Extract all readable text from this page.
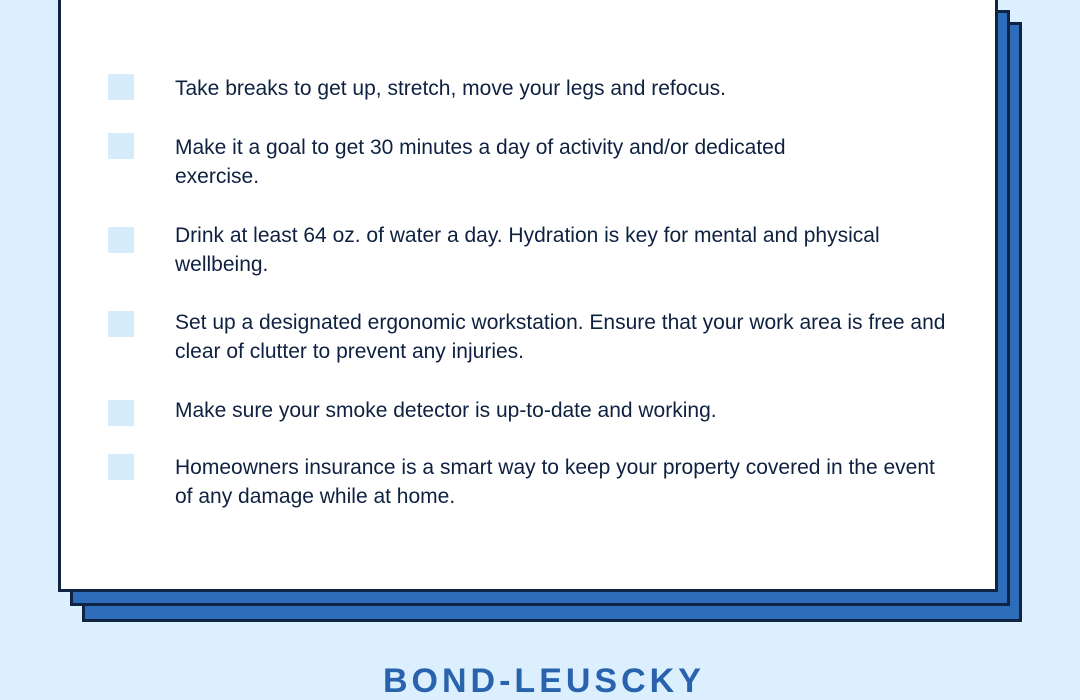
Take breaks to get up, stretch, move your legs and refocus.

Make it a goal to get 30 minutes a day of activity and/or dedicated exercise.

Drink at least 64 oz. of water a day. Hydration is key for mental and physical wellbeing.

Set up a designated ergonomic workstation. Ensure that your work area is free and clear of clutter to prevent any injuries.

Make sure your smoke detector is up-to-date and working.

Homeowners insurance is a smart way to keep your property covered in the event of any damage while at home.

BOND-LEUSCKY
